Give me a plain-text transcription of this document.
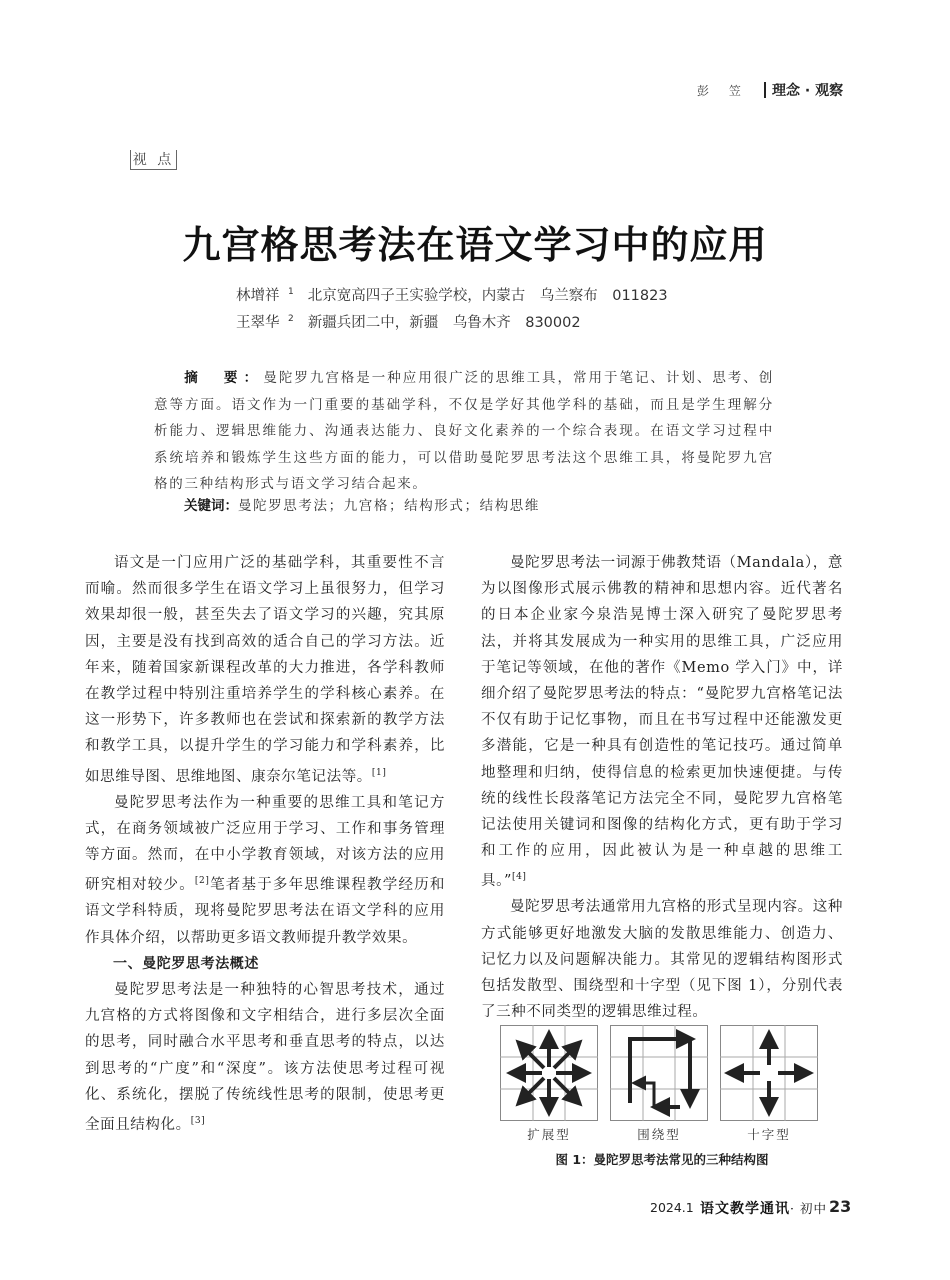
彭 笠 理念 · 观察
视 点
九宫格思考法在语文学习中的应用
林增祥 $^1$ 北京宽高四子王实验学校，内蒙古　乌兰察布　011823
王翠华 $^2$ 新疆兵团二中，新疆　乌鲁木齐　830002
摘　要：曼陀罗九宫格是一种应用很广泛的思维工具，常用于笔记、计划、思考、创意等方面。语文作为一门重要的基础学科，不仅是学好其他学科的基础，而且是学生理解分析能力、逻辑思维能力、沟通表达能力、良好文化素养的一个综合表现。在语文学习过程中系统培养和锻炼学生这些方面的能力，可以借助曼陀罗思考法这个思维工具，将曼陀罗九宫格的三种结构形式与语文学习结合起来。
关键词：曼陀罗思考法；九宫格；结构形式；结构思维

语文是一门应用广泛的基础学科，其重要性不言而喻。然而很多学生在语文学习上虽很努力，但学习效果却很一般，甚至失去了语文学习的兴趣，究其原因，主要是没有找到高效的适合自己的学习方法。近年来，随着国家新课程改革的大力推进，各学科教师在教学过程中特别注重培养学生的学科核心素养。在这一形势下，许多教师也在尝试和探索新的教学方法和教学工具，以提升学生的学习能力和学科素养，比如思维导图、思维地图、康奈尔笔记法等。[1]

曼陀罗思考法作为一种重要的思维工具和笔记方式，在商务领域被广泛应用于学习、工作和事务管理等方面。然而，在中小学教育领域，对该方法的应用研究相对较少。[2]笔者基于多年思维课程教学经历和语文学科特质，现将曼陀罗思考法在语文学科的应用作具体介绍，以帮助更多语文教师提升教学效果。

一、曼陀罗思考法概述

曼陀罗思考法是一种独特的心智思考技术，通过九宫格的方式将图像和文字相结合，进行多层次全面的思考，同时融合水平思考和垂直思考的特点，以达到思考的“广度”和“深度”。该方法使思考过程可视化、系统化，摆脱了传统线性思考的限制，使思考更全面且结构化。[3]

曼陀罗思考法一词源于佛教梵语（Mandala），意为以图像形式展示佛教的精神和思想内容。近代著名的日本企业家今泉浩晃博士深入研究了曼陀罗思考法，并将其发展成为一种实用的思维工具，广泛应用于笔记等领域，在他的著作《Memo 学入门》中，详细介绍了曼陀罗思考法的特点：“曼陀罗九宫格笔记法不仅有助于记忆事物，而且在书写过程中还能激发更多潜能，它是一种具有创造性的笔记技巧。通过简单地整理和归纳，使得信息的检索更加快速便捷。与传统的线性长段落笔记方法完全不同，曼陀罗九宫格笔记法使用关键词和图像的结构化方式，更有助于学习和工作的应用，因此被认为是一种卓越的思维工具。”[4]

曼陀罗思考法通常用九宫格的形式呈现内容。这种方式能够更好地激发大脑的发散思维能力、创造力、记忆力以及问题解决能力。其常见的逻辑结构图形式包括发散型、围绕型和十字型（见下图 1），分别代表了三种不同类型的逻辑思维过程。

扩展型	围绕型	十字型
图 1：曼陀罗思考法常见的三种结构图
2024.1 语文教学通讯· 初中 23
